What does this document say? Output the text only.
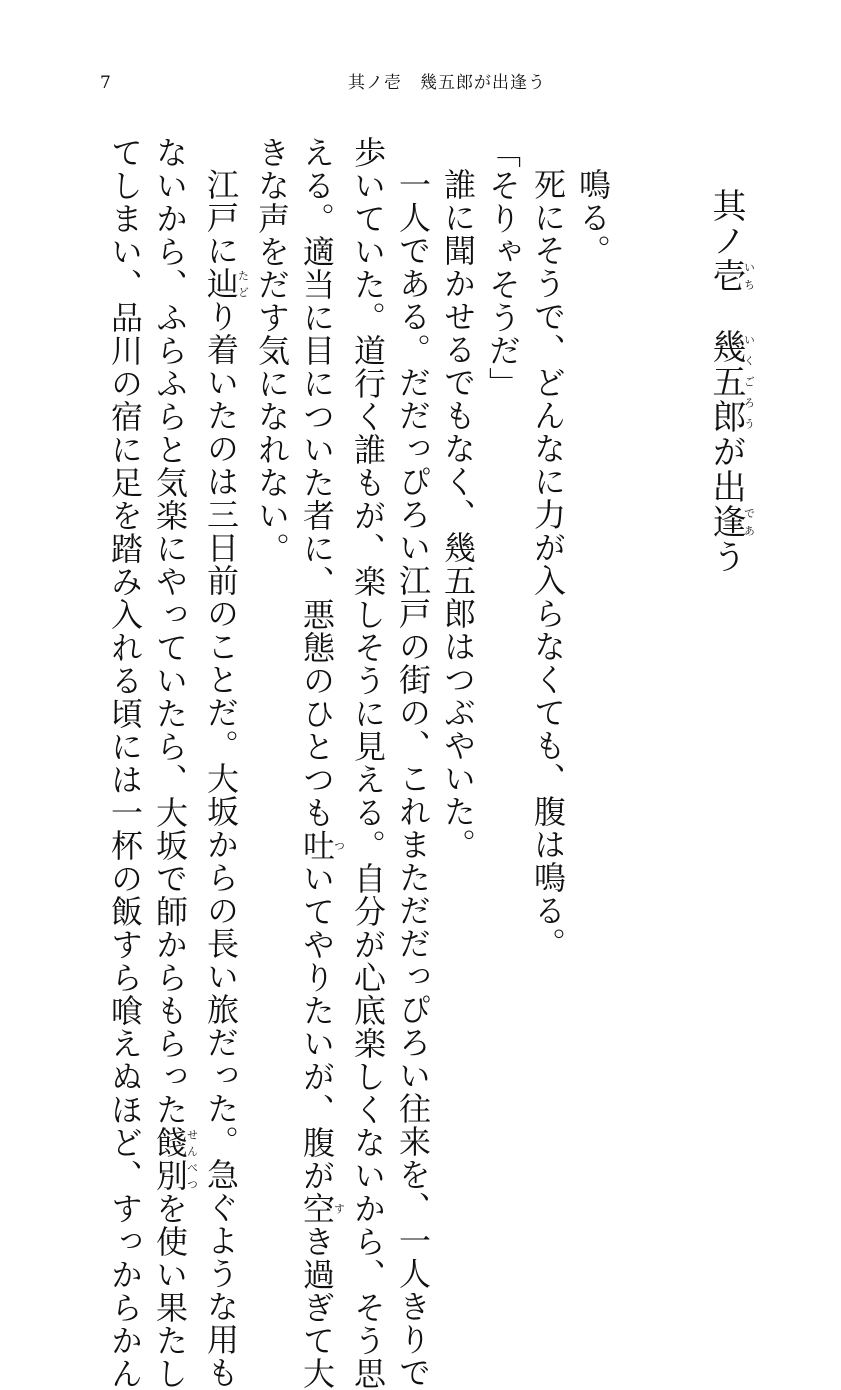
7	其ノ壱　幾五郎が出逢う
其ノ壱いち幾五郎いくごろうが出逢であう
鳴る。
死にそうで、どんなに力が入らなくても、腹は鳴る。
「そりゃそうだ」
誰に聞かせるでもなく、幾五郎はつぶやいた。
一人である。だだっぴろい江戸の街の、これまただだっぴろい往来を、一人きりで
歩いていた。道行く誰もが、楽しそうに見える。自分が心底楽しくないから、そう思
える。適当に目についた者に、悪態のひとつも吐ついてやりたいが、腹が空すき過ぎて大
きな声をだす気になれない。
江戸に辿たどり着いたのは三日前のことだ。大坂からの長い旅だった。急ぐような用も
ないから、ふらふらと気楽にやっていたら、大坂で師からもらった餞別せんべつを使い果たし
てしまい、品川の宿に足を踏み入れる頃には一杯の飯すら喰えぬほど、すっからかん
